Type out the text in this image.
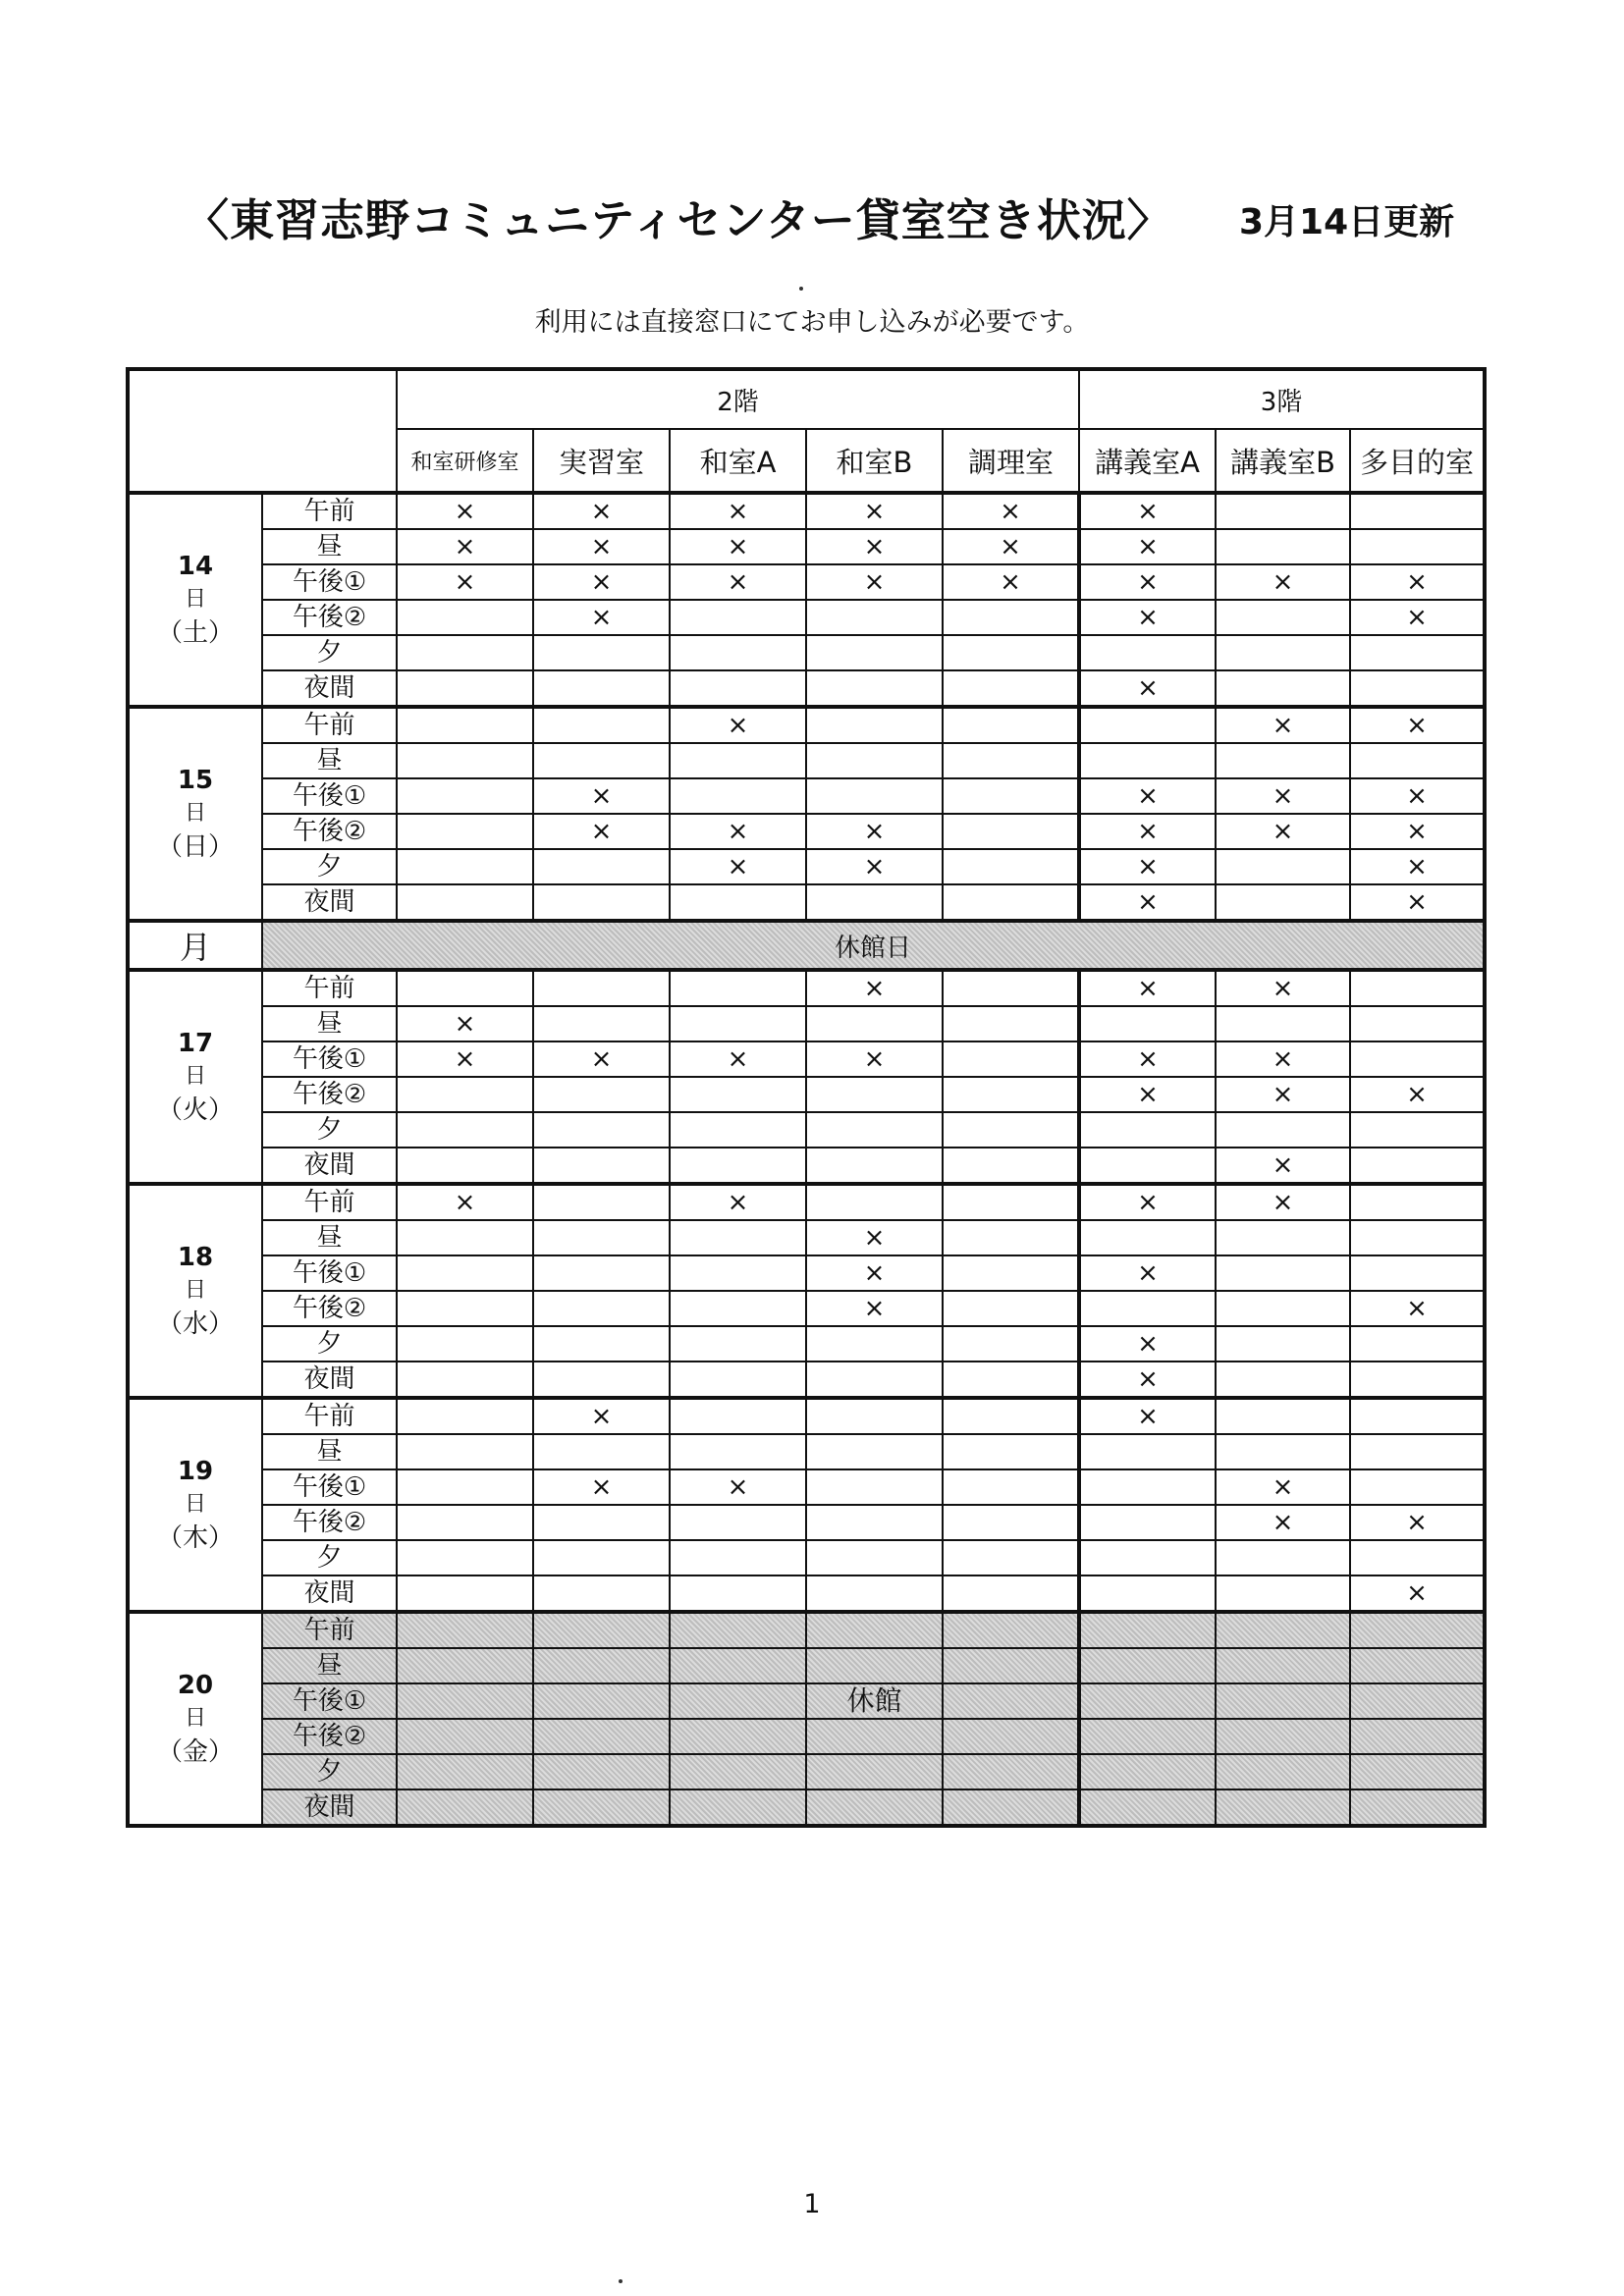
〈東習志野コミュニティセンター貸室空き状況〉 3月14日更新
利用には直接窓口にてお申し込みが必要です。
		2階					3階		
		和室研修室	実習室	和室A	和室B	調理室	講義室A	講義室B	多目的室

14
日
（土）	午前	×	×	×	×	×	×		
	昼	×	×	×	×	×	×		
	午後①	×	×	×	×	×	×	×	×
	午後②		×				×		×
	夕								
	夜間						×		

15
日
（日）	午前			×				×	×
	昼								
	午後①		×				×	×	×
	午後②		×	×	×		×	×	×
	夕			×	×		×		×
	夜間						×		×
月	休館日								

17
日
（火）	午前				×		×	×	
	昼	×							
	午後①	×	×	×	×		×	×	
	午後②						×	×	×
	夕								
	夜間							×	

18
日
（水）	午前	×		×			×	×	
	昼				×				
	午後①				×		×		
	午後②				×				×
	夕						×		
	夜間						×		

19
日
（木）	午前		×				×		
	昼								
	午後①		×	×				×	
	午後②							×	×
	夕								
	夜間								×

20
日
（金）	午前								
	昼								
	午後①				休館				
	午後②								
	夕								
	夜間								
1
